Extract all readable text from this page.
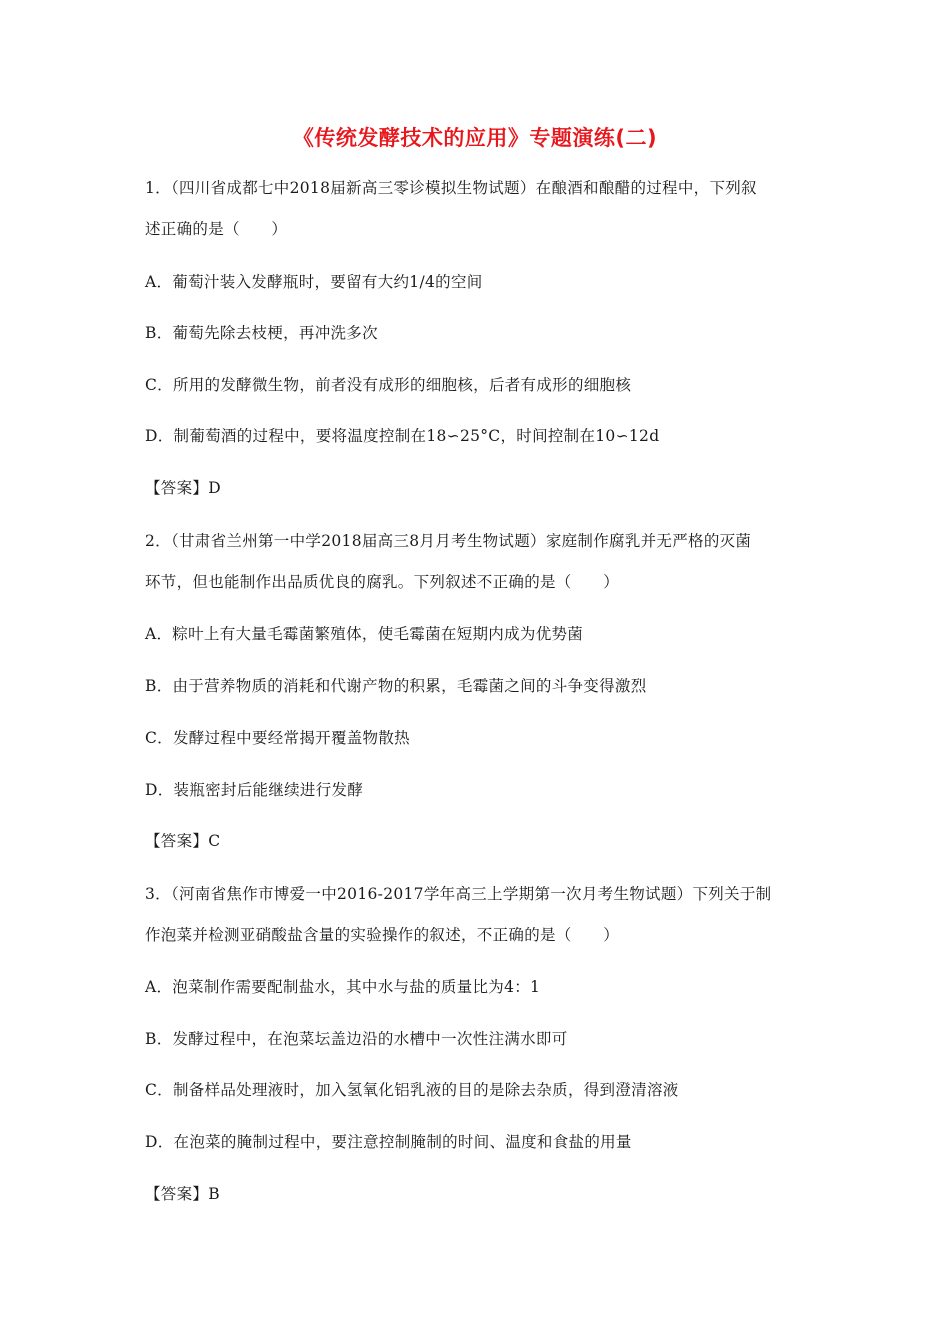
《传统发酵技术的应用》专题演练(二)
1．（四川省成都七中2018届新高三零诊模拟生物试题）在酿酒和酿醋的过程中，下列叙
述正确的是（　　）
A．葡萄汁装入发酵瓶时，要留有大约1/4的空间
B．葡萄先除去枝梗，再冲洗多次
C．所用的发酵微生物，前者没有成形的细胞核，后者有成形的细胞核
D．制葡萄酒的过程中，要将温度控制在18∽25°C，时间控制在10∽12d
【答案】D
2．（甘肃省兰州第一中学2018届高三8月月考生物试题）家庭制作腐乳并无严格的灭菌
环节，但也能制作出品质优良的腐乳。下列叙述不正确的是（　　）
A．粽叶上有大量毛霉菌繁殖体，使毛霉菌在短期内成为优势菌
B．由于营养物质的消耗和代谢产物的积累，毛霉菌之间的斗争变得激烈
C．发酵过程中要经常揭开覆盖物散热
D．装瓶密封后能继续进行发酵
【答案】C
3．（河南省焦作市博爱一中2016-2017学年高三上学期第一次月考生物试题）下列关于制
作泡菜并检测亚硝酸盐含量的实验操作的叙述，不正确的是（　　）
A．泡菜制作需要配制盐水，其中水与盐的质量比为4：1
B．发酵过程中，在泡菜坛盖边沿的水槽中一次性注满水即可
C．制备样品处理液时，加入氢氧化铝乳液的目的是除去杂质，得到澄清溶液
D．在泡菜的腌制过程中，要注意控制腌制的时间、温度和食盐的用量
【答案】B
